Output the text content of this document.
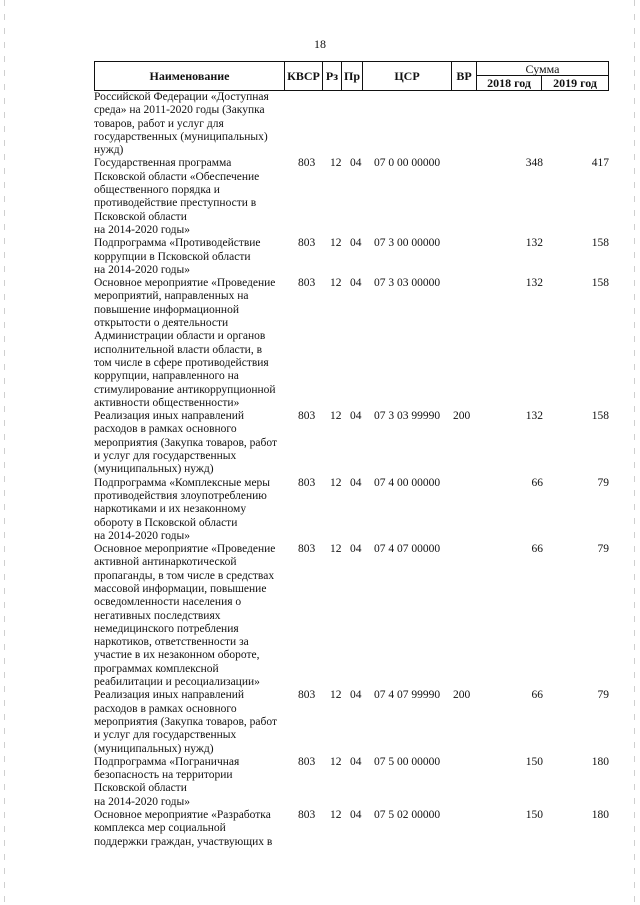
18
Наименование	КВСР Рз Пр	ЦСР	ВР	Сумма
2018 год	2019 год
Российской Федерации «Доступная
среда» на 2011-2020 годы (Закупка
товаров, работ и услуг для
государственных (муниципальных)
нужд)
Государственная программа
Псковской области «Обеспечение
общественного порядка и
противодействие преступности в
Псковской области
на 2014-2020 годы»
803 12 04 07 0 00 00000	348	417
Подпрограмма «Противодействие
коррупции в Псковской области
на 2014-2020 годы»
803 12 04 07 3 00 00000	132	158
Основное мероприятие «Проведение
мероприятий, направленных на
повышение информационной
открытости о деятельности
Администрации области и органов
исполнительной власти области, в
том числе в сфере противодействия
коррупции, направленного на
стимулирование антикоррупционной
активности общественности»
803 12 04 07 3 03 00000	132	158
Реализация иных направлений
расходов в рамках основного
мероприятия (Закупка товаров, работ
и услуг для государственных
(муниципальных) нужд)
803 12 04 07 3 03 99990 200	132	158
Подпрограмма «Комплексные меры
противодействия злоупотреблению
наркотиками и их незаконному
обороту в Псковской области
на 2014-2020 годы»
803 12 04 07 4 00 00000	66	79
Основное мероприятие «Проведение
активной антинаркотической
пропаганды, в том числе в средствах
массовой информации, повышение
осведомленности населения о
негативных последствиях
немедицинского потребления
наркотиков, ответственности за
участие в их незаконном обороте,
программах комплексной
реабилитации и ресоциализации»
803 12 04 07 4 07 00000	66	79
Реализация иных направлений
расходов в рамках основного
мероприятия (Закупка товаров, работ
и услуг для государственных
(муниципальных) нужд)
803 12 04 07 4 07 99990 200	66	79
Подпрограмма «Пограничная
безопасность на территории
Псковской области
на 2014-2020 годы»
803 12 04 07 5 00 00000	150	180
Основное мероприятие «Разработка
комплекса мер социальной
поддержки граждан, участвующих в
803 12 04 07 5 02 00000	150	180
